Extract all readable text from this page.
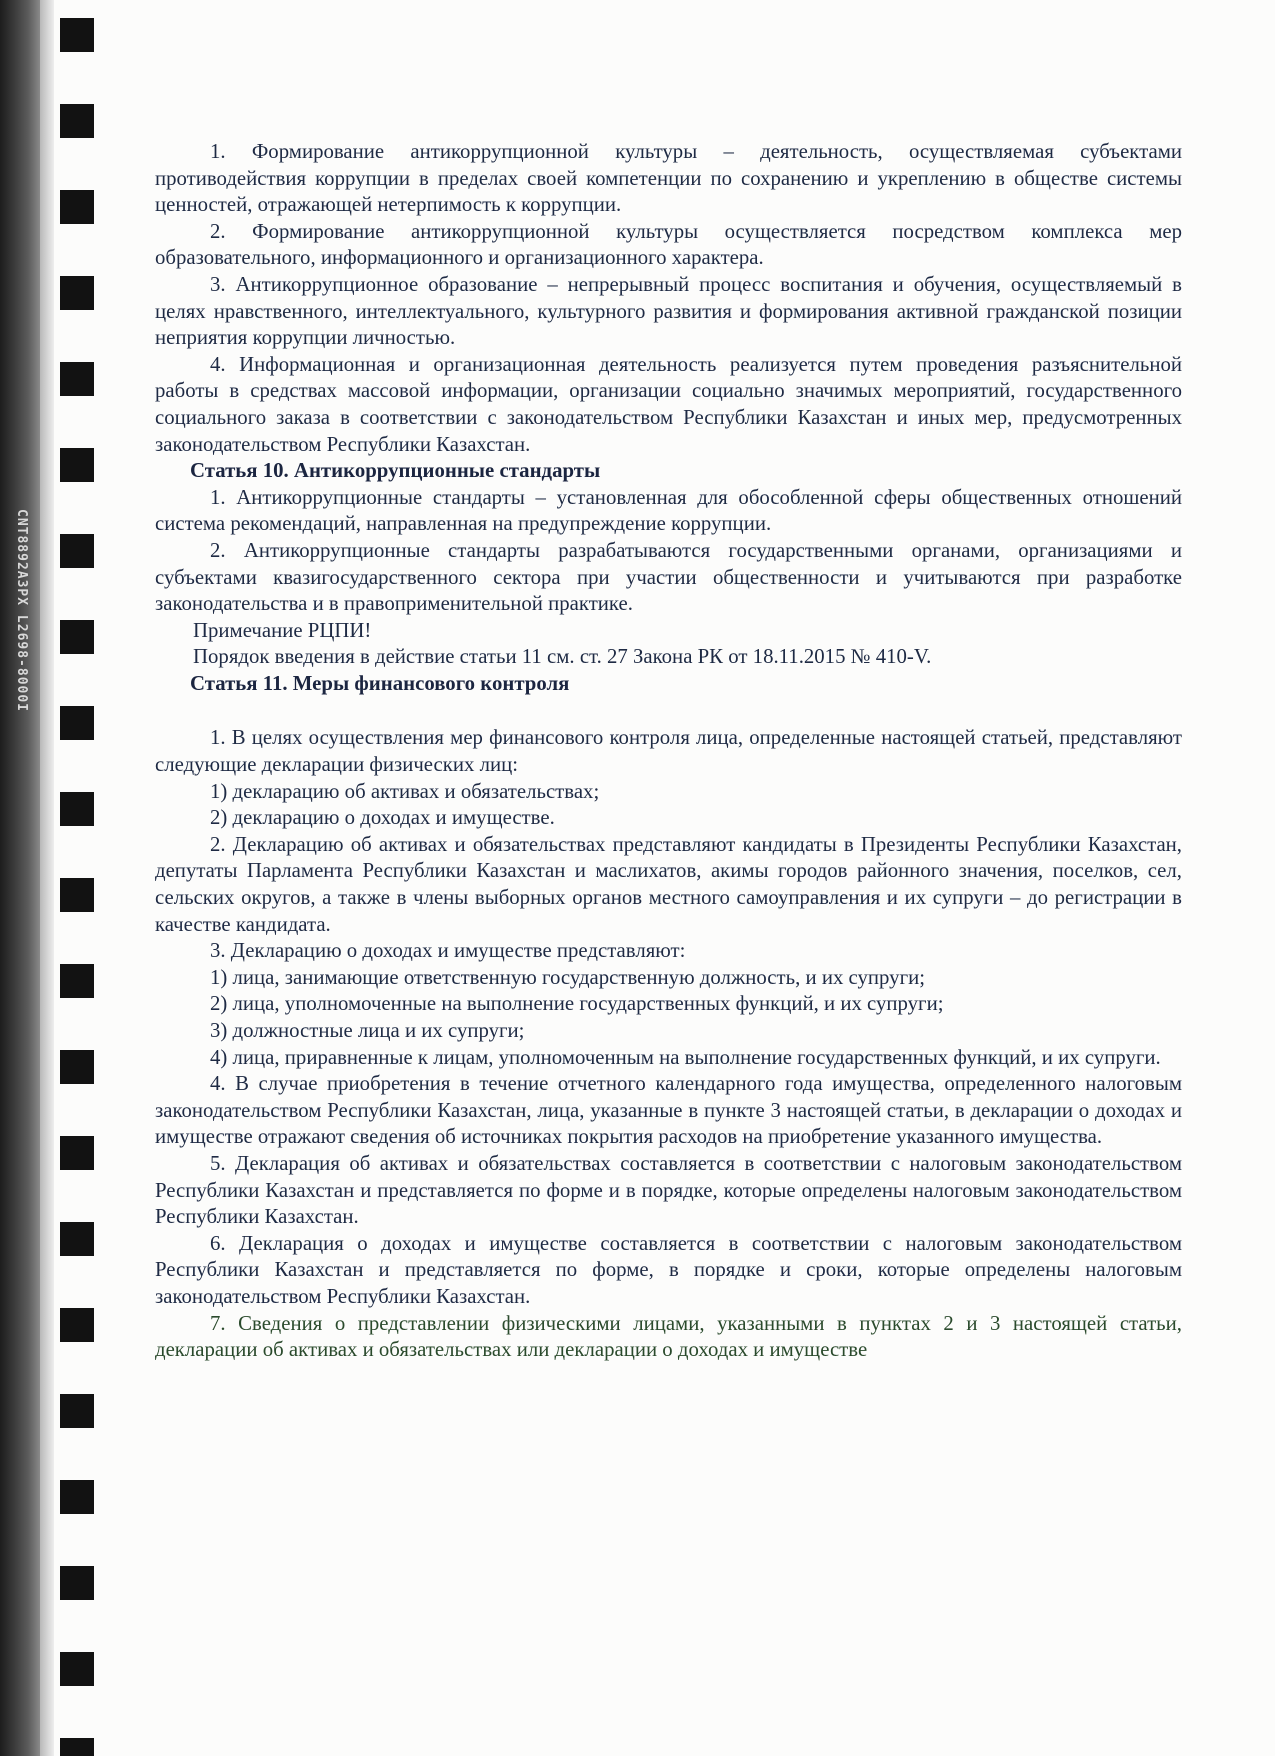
CNT8892A3PX L2698-8000I

1. Формирование антикоррупционной культуры – деятельность, осуществляемая субъектами противодействия коррупции в пределах своей компетенции по сохранению и укреплению в обществе системы ценностей, отражающей нетерпимость к коррупции.

2. Формирование антикоррупционной культуры осуществляется посредством комплекса мер образовательного, информационного и организационного характера.

3. Антикоррупционное образование – непрерывный процесс воспитания и обучения, осуществляемый в целях нравственного, интеллектуального, культурного развития и формирования активной гражданской позиции неприятия коррупции личностью.

4. Информационная и организационная деятельность реализуется путем проведения разъяснительной работы в средствах массовой информации, организации социально значимых мероприятий, государственного социального заказа в соответствии с законодательством Республики Казахстан и иных мер, предусмотренных законодательством Республики Казахстан.

Статья 10. Антикоррупционные стандарты

1. Антикоррупционные стандарты – установленная для обособленной сферы общественных отношений система рекомендаций, направленная на предупреждение коррупции.

2. Антикоррупционные стандарты разрабатываются государственными органами, организациями и субъектами квазигосударственного сектора при участии общественности и учитываются при разработке законодательства и в правоприменительной практике.

Примечание РЦПИ!

Порядок введения в действие статьи 11 см. ст. 27 Закона РК от 18.11.2015 № 410-V.

Статья 11. Меры финансового контроля

1. В целях осуществления мер финансового контроля лица, определенные настоящей статьей, представляют следующие декларации физических лиц:

1) декларацию об активах и обязательствах;

2) декларацию о доходах и имуществе.

2. Декларацию об активах и обязательствах представляют кандидаты в Президенты Республики Казахстан, депутаты Парламента Республики Казахстан и маслихатов, акимы городов районного значения, поселков, сел, сельских округов, а также в члены выборных органов местного самоуправления и их супруги – до регистрации в качестве кандидата.

3. Декларацию о доходах и имуществе представляют:

1) лица, занимающие ответственную государственную должность, и их супруги;

2) лица, уполномоченные на выполнение государственных функций, и их супруги;

3) должностные лица и их супруги;

4) лица, приравненные к лицам, уполномоченным на выполнение государственных функций, и их супруги.

4. В случае приобретения в течение отчетного календарного года имущества, определенного налоговым законодательством Республики Казахстан, лица, указанные в пункте 3 настоящей статьи, в декларации о доходах и имуществе отражают сведения об источниках покрытия расходов на приобретение указанного имущества.

5. Декларация об активах и обязательствах составляется в соответствии с налоговым законодательством Республики Казахстан и представляется по форме и в порядке, которые определены налоговым законодательством Республики Казахстан.

6. Декларация о доходах и имуществе составляется в соответствии с налоговым законодательством Республики Казахстан и представляется по форме, в порядке и сроки, которые определены налоговым законодательством Республики Казахстан.

7. Сведения о представлении физическими лицами, указанными в пунктах 2 и 3 настоящей статьи, декларации об активах и обязательствах или декларации о доходах и имуществе
